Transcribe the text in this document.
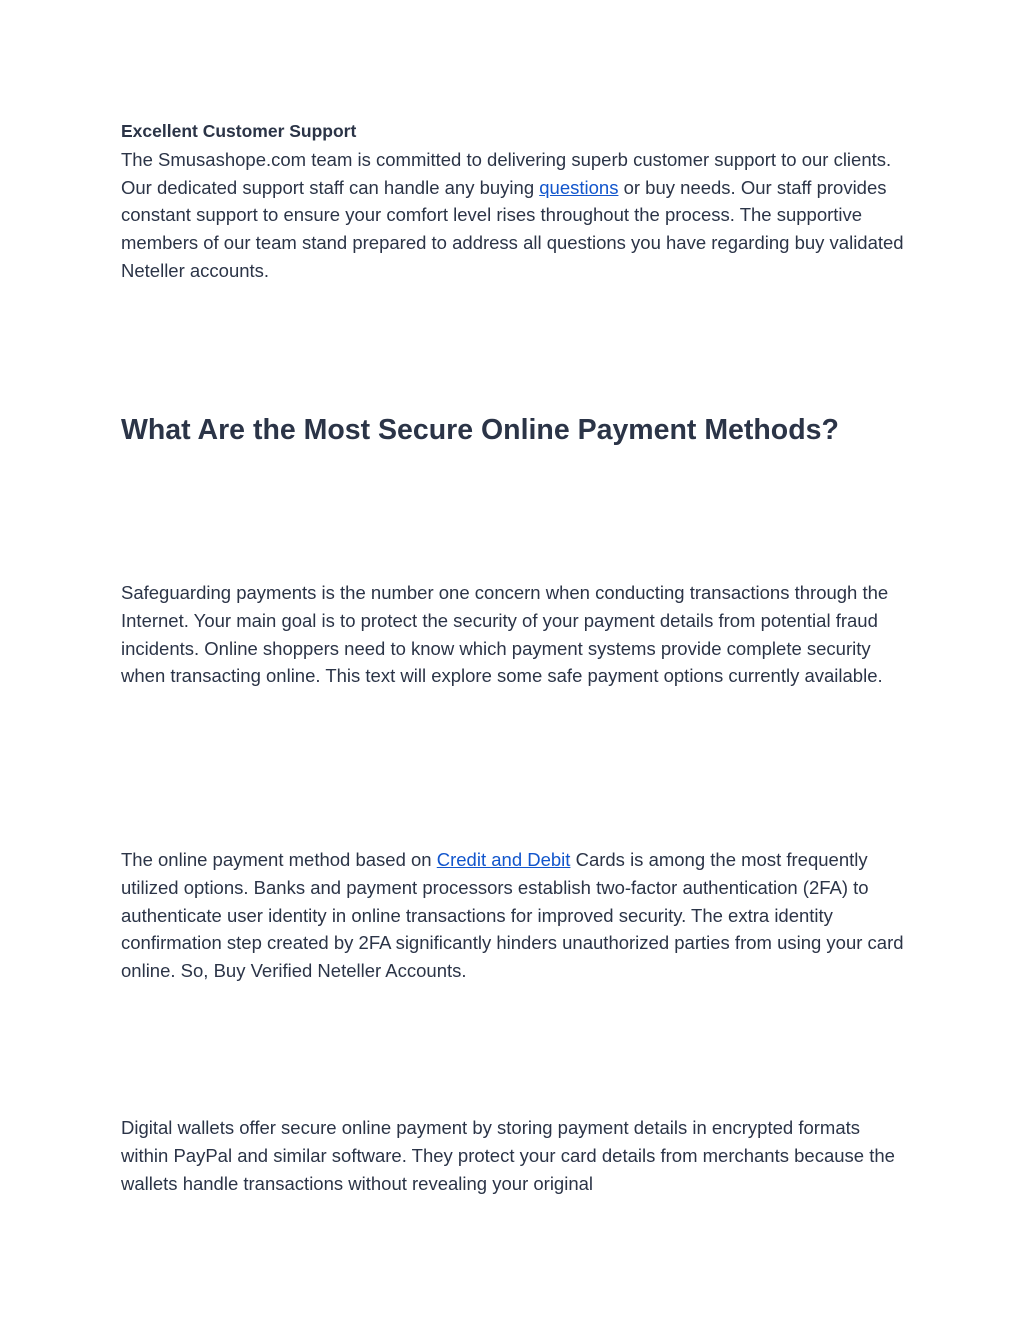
Excellent Customer Support

The Smusashope.com team is committed to delivering superb customer support to our clients. Our dedicated support staff can handle any buying questions or buy needs. Our staff provides constant support to ensure your comfort level rises throughout the process. The supportive members of our team stand prepared to address all questions you have regarding buy validated Neteller accounts.

What Are the Most Secure Online Payment Methods?

Safeguarding payments is the number one concern when conducting transactions through the Internet. Your main goal is to protect the security of your payment details from potential fraud incidents. Online shoppers need to know which payment systems provide complete security when transacting online. This text will explore some safe payment options currently available.

The online payment method based on Credit and Debit Cards is among the most frequently utilized options. Banks and payment processors establish two-factor authentication (2FA) to authenticate user identity in online transactions for improved security. The extra identity confirmation step created by 2FA significantly hinders unauthorized parties from using your card online. So, Buy Verified Neteller Accounts.

Digital wallets offer secure online payment by storing payment details in encrypted formats within PayPal and similar software. They protect your card details from merchants because the wallets handle transactions without revealing your original
